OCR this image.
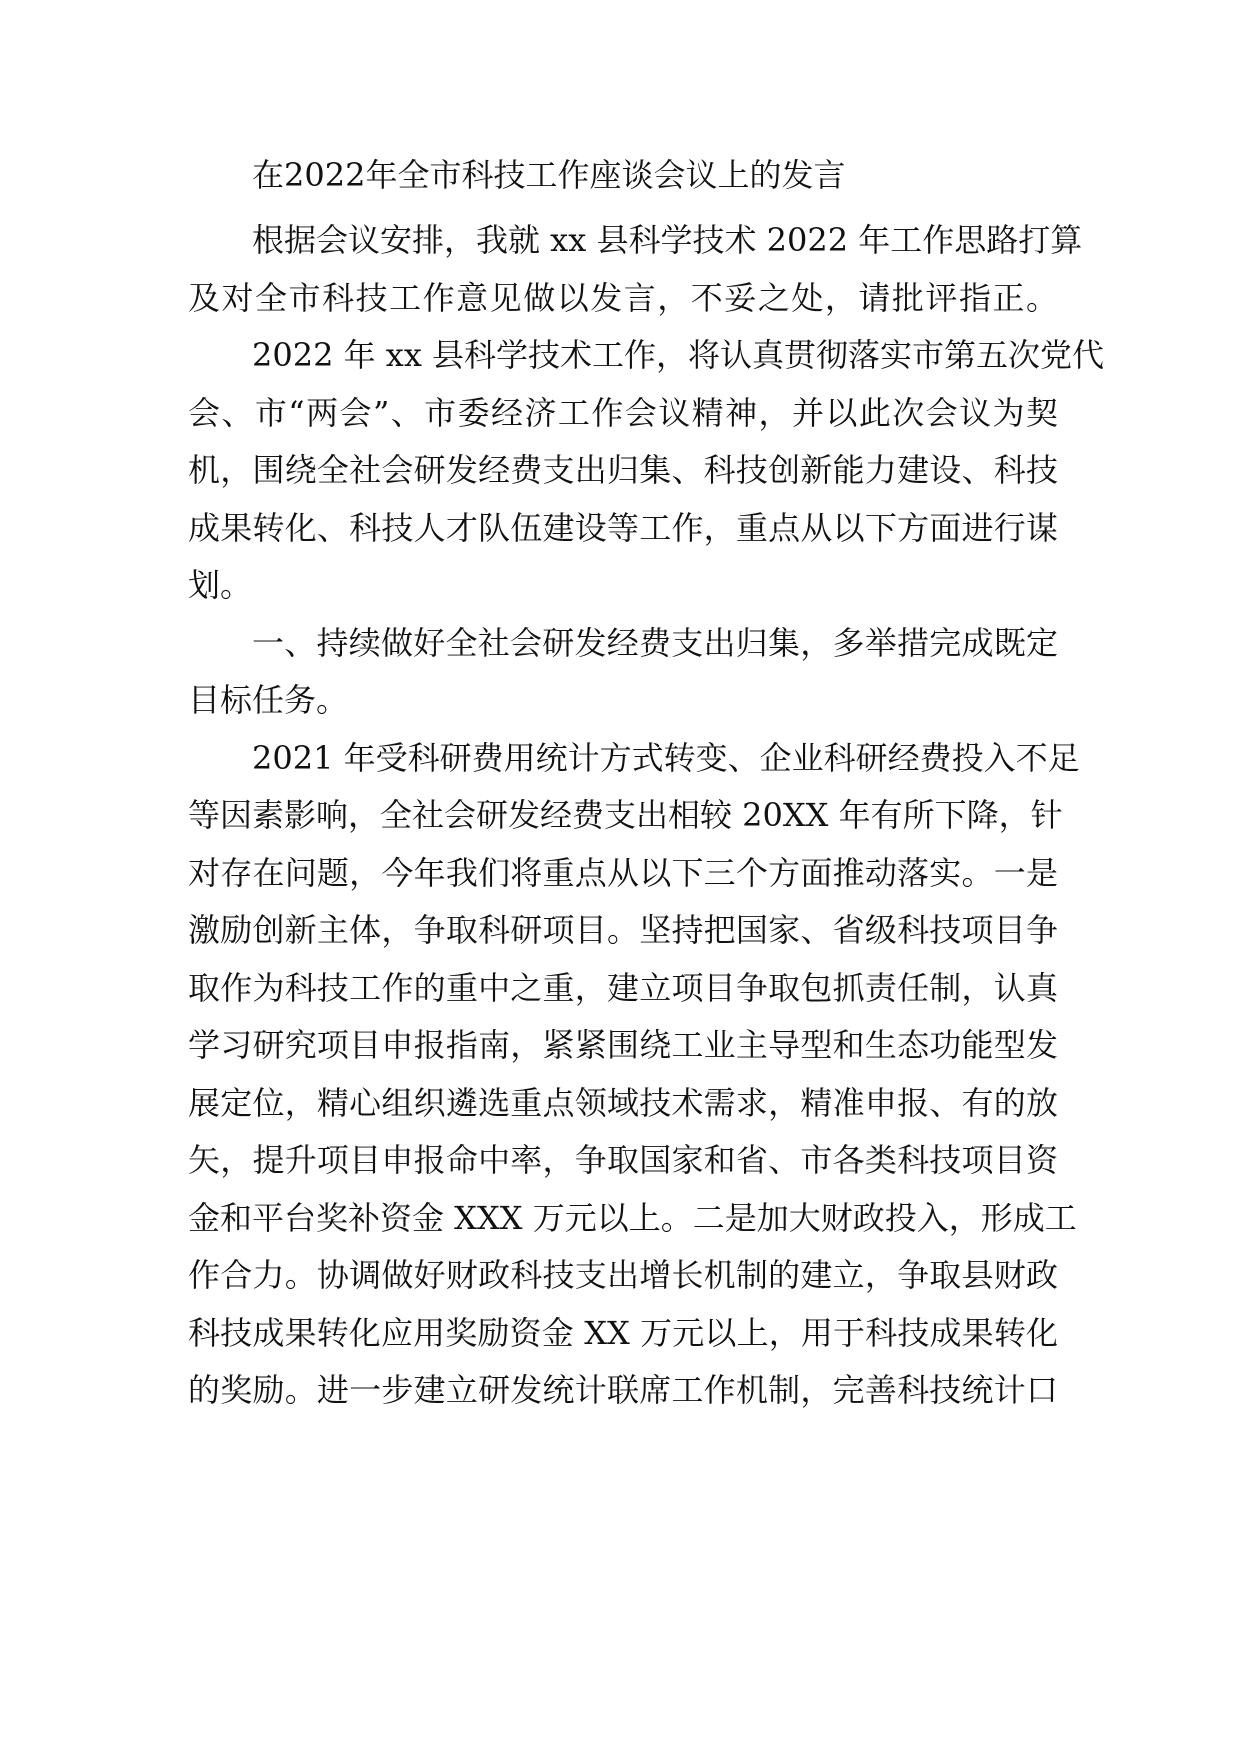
在2022年全市科技工作座谈会议上的发言
根据会议安排，我就 xx 县科学技术 2022 年工作思路打算
及对全市科技工作意见做以发言，不妥之处，请批评指正。
2022 年 xx 县科学技术工作，将认真贯彻落实市第五次党代
会、市“两会”、市委经济工作会议精神，并以此次会议为契
机，围绕全社会研发经费支出归集、科技创新能力建设、科技
成果转化、科技人才队伍建设等工作，重点从以下方面进行谋
划。
一、持续做好全社会研发经费支出归集，多举措完成既定
目标任务。
2021 年受科研费用统计方式转变、企业科研经费投入不足
等因素影响，全社会研发经费支出相较 20XX 年有所下降，针
对存在问题，今年我们将重点从以下三个方面推动落实。一是
激励创新主体，争取科研项目。坚持把国家、省级科技项目争
取作为科技工作的重中之重，建立项目争取包抓责任制，认真
学习研究项目申报指南，紧紧围绕工业主导型和生态功能型发
展定位，精心组织遴选重点领域技术需求，精准申报、有的放
矢，提升项目申报命中率，争取国家和省、市各类科技项目资
金和平台奖补资金 XXX 万元以上。二是加大财政投入，形成工
作合力。协调做好财政科技支出增长机制的建立，争取县财政
科技成果转化应用奖励资金 XX 万元以上，用于科技成果转化
的奖励。进一步建立研发统计联席工作机制，完善科技统计口
